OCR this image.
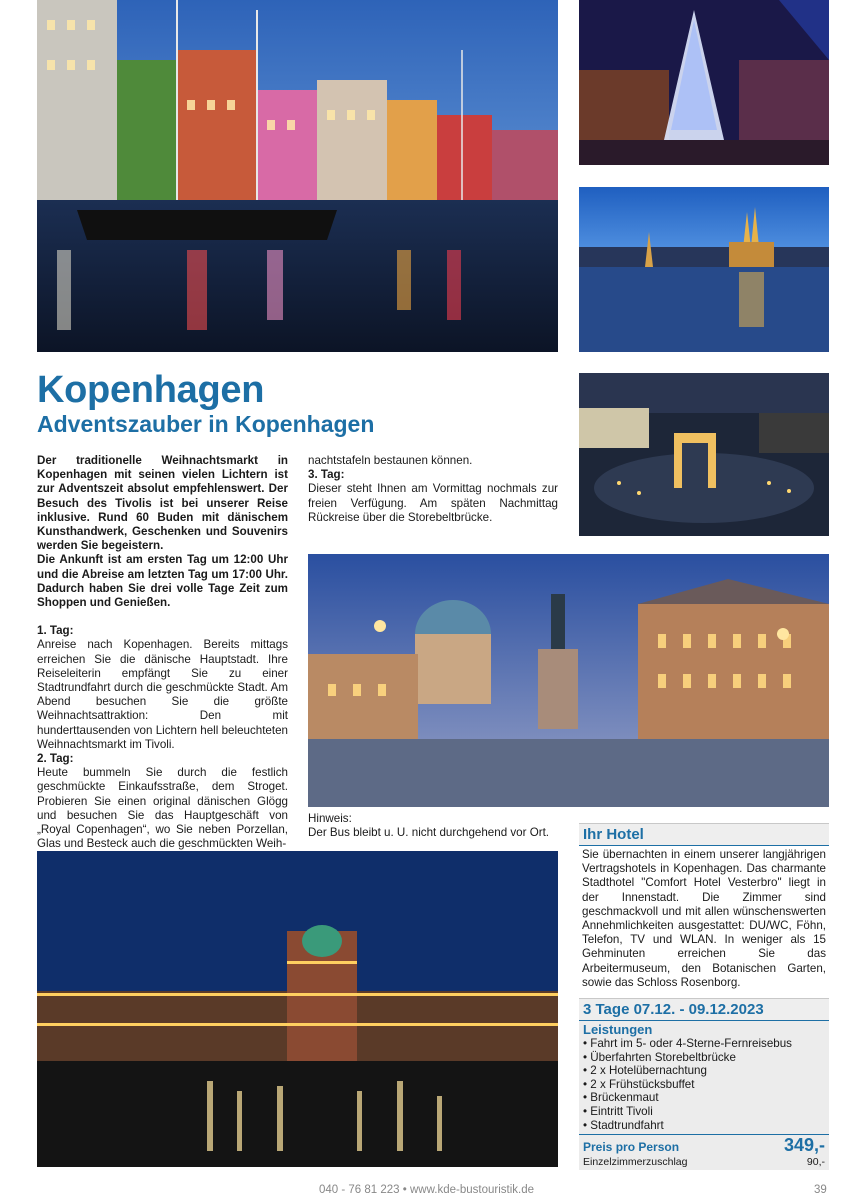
Kopenhagen
Adventszauber in Kopenhagen

Der traditionelle Weihnachtsmarkt in Kopenhagen mit seinen vielen Lichtern ist zur Adventszeit absolut empfehlenswert. Der Besuch des Tivolis ist bei unserer Reise inklusive. Rund 60 Buden mit dänischem Kunsthandwerk, Geschenken und Souvenirs werden Sie begeistern.

Die Ankunft ist am ersten Tag um 12:00 Uhr und die Abreise am letzten Tag um 17:00 Uhr. Dadurch haben Sie drei volle Tage Zeit zum Shoppen und Genießen.

1. Tag:

Anreise nach Kopenhagen. Bereits mittags erreichen Sie die dänische Hauptstadt. Ihre Reiseleiterin empfängt Sie zu einer Stadtrundfahrt durch die geschmückte Stadt. Am Abend besuchen Sie die größte Weihnachtsattraktion: Den mit hunderttausenden von Lichtern hell beleuchteten Weihnachtsmarkt im Tivoli.

2. Tag:

Heute bummeln Sie durch die festlich geschmückte Einkaufsstraße, dem Stroget. Probieren Sie einen original dänischen Glögg und besuchen Sie das Hauptgeschäft von „Royal Copenhagen“, wo Sie neben Porzellan, Glas und Besteck auch die geschmückten Weih-

nachtstafeln bestaunen können.

3. Tag:

Dieser steht Ihnen am Vormittag nochmals zur freien Verfügung. Am späten Nachmittag Rückreise über die Storebeltbrücke.

Hinweis:

Der Bus bleibt u. U. nicht durchgehend vor Ort.	Ihr Hotel
Sie übernachten in einem unserer langjährigen Vertragshotels in Kopenhagen. Das charmante Stadthotel "Comfort Hotel Vesterbro" liegt in der Innenstadt. Die Zimmer sind geschmackvoll und mit allen wünschenswerten Annehmlichkeiten ausgestattet: DU/WC, Föhn, Telefon, TV und WLAN. In weniger als 15 Gehminuten erreichen Sie das Arbeitermuseum, den Botanischen Garten, sowie das Schloss Rosenborg.
3 Tage 07.12. - 09.12.2023
Leistungen
• Fahrt im 5- oder 4-Sterne-Fernreisebus
• Überfahrten Storebeltbrücke
• 2 x Hotelübernachtung
• 2 x Frühstücksbuffet
• Brückenmaut
• Eintritt Tivoli
• Stadtrundfahrt
Preis pro Person	349,-
Einzelzimmerzuschlag	90,-
040 - 76 81 223 • www.kde-bustouristik.de	39
